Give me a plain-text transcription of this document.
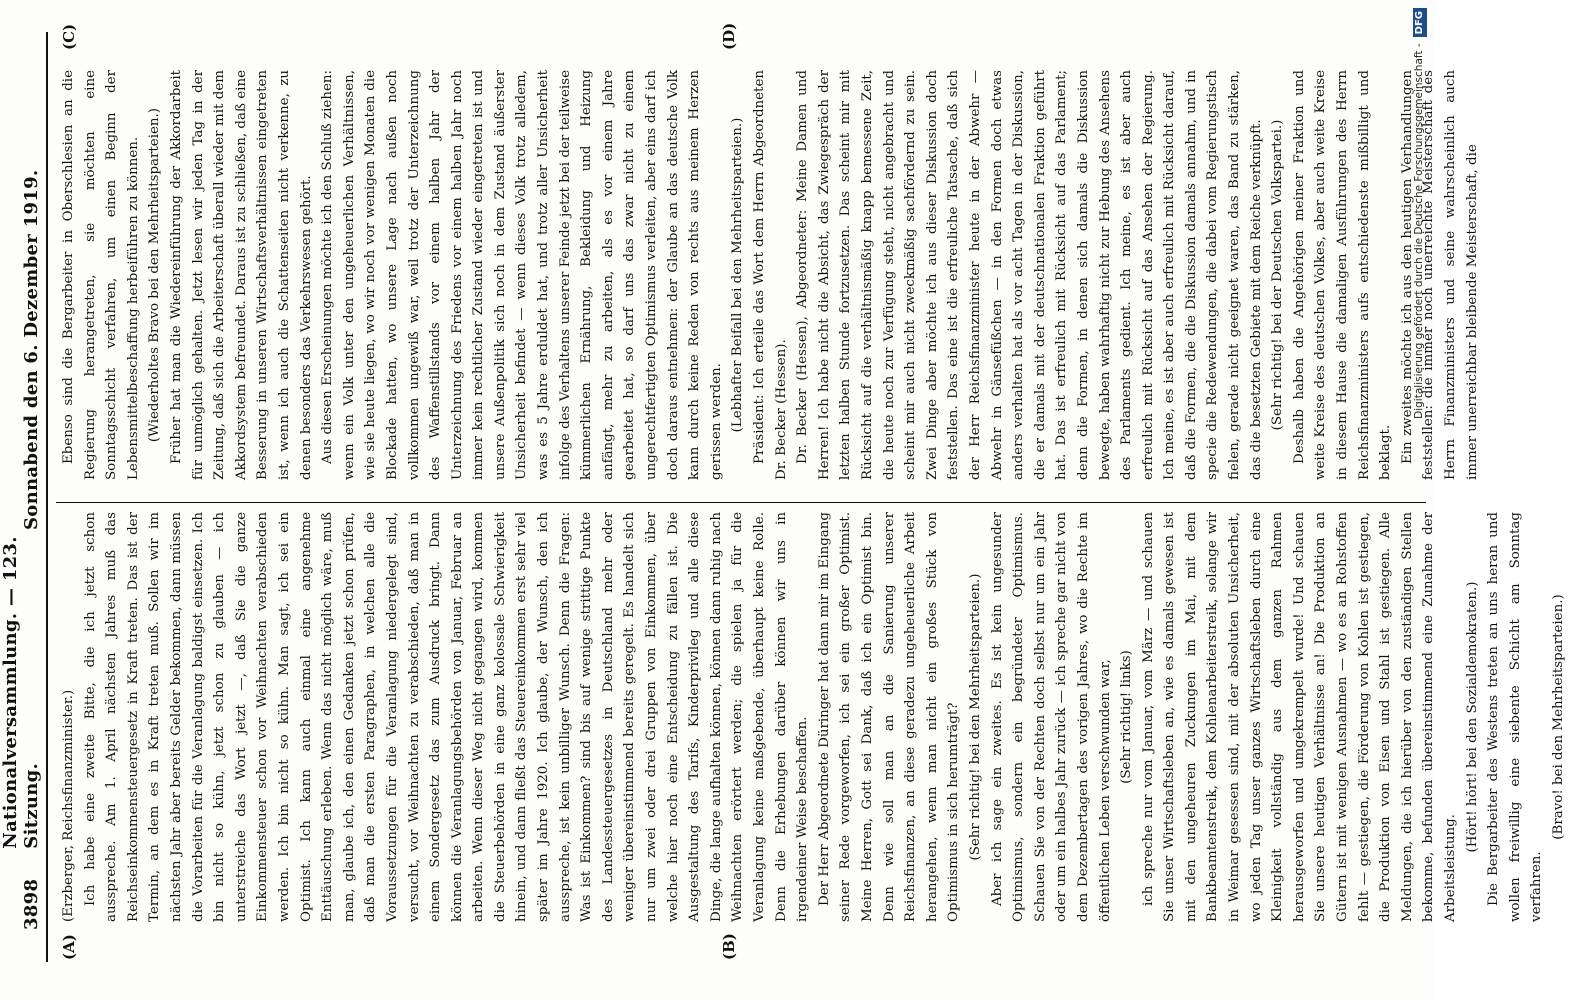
3898
Nationalversammlung. — 123. Sitzung.
Sonnabend den 6. Dezember 1919.
(A)	(B)
(C)	(D)

(Erzberger, Reichsfinanzminister.) Ich habe eine zweite Bitte, die ich jetzt schon ausspreche. Am 1. April nächsten Jahres muß das Reichseinkommensteuergesetz in Kraft treten. Das ist der Termin, an dem es in Kraft treten muß. Sollen wir im nächsten Jahr aber bereits Gelder bekommen, dann müssen die Vorarbeiten für die Veranlagung baldigst einsetzen. Ich bin nicht so kühn, jetzt schon zu glauben — ich unterstreiche das Wort jetzt —, daß Sie die ganze Einkommensteuer schon vor Weihnachten verabschieden werden. Ich bin nicht so kühn. Man sagt, ich sei ein Optimist. Ich kann auch einmal eine angenehme Enttäuschung erleben. Wenn das nicht möglich wäre, muß man, glaube ich, den einen Gedanken jetzt schon prüfen, daß man die ersten Paragraphen, in welchen alle die Voraussetzungen für die Veranlagung niedergelegt sind, versucht, vor Weihnachten zu verabschieden, daß man in einem Sondergesetz das zum Ausdruck bringt. Dann können die Veranlagungsbehörden von Januar, Februar an arbeiten. Wenn dieser Weg nicht gegangen wird, kommen die Steuerbehörden in eine ganz kolossale Schwierigkeit hinein, und dann fließt das Steuereinkommen erst sehr viel später im Jahre 1920. Ich glaube, der Wunsch, den ich ausspreche, ist kein unbilliger Wunsch. Denn die Fragen: Was ist Einkommen? sind bis auf wenige strittige Punkte des Landessteuergesetzes in Deutschland mehr oder weniger übereinstimmend bereits geregelt. Es handelt sich nur um zwei oder drei Gruppen von Einkommen, über welche hier noch eine Entscheidung zu fällen ist. Die Ausgestaltung des Tarifs, Kinderprivileg und alle diese Dinge, die lange aufhalten können, können dann ruhig nach Weihnachten erörtert werden; die spielen ja für die Veranlagung keine maßgebende, überhaupt keine Rolle. Denn die Erhebungen darüber können wir uns in irgendeiner Weise beschaffen. Der Herr Abgeordnete Düringer hat dann mir im Eingang seiner Rede vorgeworfen, ich sei ein großer Optimist. Meine Herren, Gott sei Dank, daß ich ein Optimist bin. Denn wie soll man an die Sanierung unserer Reichsfinanzen, an diese geradezu ungeheuerliche Arbeit herangehen, wenn man nicht ein großes Stück von Optimismus in sich herumträgt? (Sehr richtig! bei den Mehrheitsparteien.) Aber ich sage ein zweites. Es ist kein ungesunder Optimismus, sondern ein begründeter Optimismus. Schauen Sie von der Rechten doch selbst nur um ein Jahr oder um ein halbes Jahr zurück — ich spreche gar nicht von dem Dezembertagen des vorigen Jahres, wo die Rechte im öffentlichen Leben verschwunden war, (Sehr richtig! links) ich spreche nur vom Januar, vom März — und schauen Sie unser Wirtschaftsleben an, wie es damals gewesen ist mit den ungeheuren Zuckungen im Mai, mit dem Bankbeamtenstreik, dem Kohlenarbeiterstreik, solange wir in Weimar gesessen sind, mit der absoluten Unsicherheit, wo jeden Tag unser ganzes Wirtschaftsleben durch eine Kleinigkeit vollständig aus dem ganzen Rahmen herausgeworfen und umgekrempelt wurde! Und schauen Sie unsere heutigen Verhältnisse an! Die Produktion an Gütern ist mit wenigen Ausnahmen — wo es an Rohstoffen fehlt — gestiegen, die Förderung von Kohlen ist gestiegen, die Produktion von Eisen und Stahl ist gestiegen. Alle Meldungen, die ich hierüber von den zuständigen Stellen bekomme, befunden übereinstimmend eine Zunahme der Arbeitsleistung.

(Hört! hört! bei den Sozialdemokraten.) Die Bergarbeiter des Westens treten an uns heran und wollen freiwillig eine siebente Schicht am Sonntag verfahren.

(Bravo! bei den Mehrheitsparteien.)

Ebenso sind die Bergarbeiter in Oberschlesien an die Regierung herangetreten, sie möchten eine Sonntagsschicht verfahren, um einen Beginn der Lebensmittelbeschaffung herbeiführen zu können. (Wiederholtes Bravo bei den Mehrheitsparteien.) Früher hat man die Wiedereinführung der Akkordarbeit für unmöglich gehalten. Jetzt lesen wir jeden Tag in der Zeitung, daß sich die Arbeiterschaft überall wieder mit dem Akkordsystem befreundet. Daraus ist zu schließen, daß eine Besserung in unseren Wirtschaftsverhältnissen eingetreten ist, wenn ich auch die Schattenseiten nicht verkenne, zu denen besonders das Verkehrswesen gehört. Aus diesen Erscheinungen möchte ich den Schluß ziehen: wenn ein Volk unter den ungeheuerlichen Verhältnissen, wie sie heute liegen, wo wir noch vor wenigen Monaten die Blockade hatten, wo unsere Lage nach außen noch vollkommen ungewiß war, weil trotz der Unterzeichnung des Waffenstillstands vor einem halben Jahr der Unterzeichnung des Friedens vor einem halben Jahr noch immer kein rechtlicher Zustand wieder eingetreten ist und unsere Außenpolitik sich noch in dem Zustand äußerster Unsicherheit befindet — wenn dieses Volk trotz alledem, was es 5 Jahre erduldet hat, und trotz aller Unsicherheit infolge des Verhaltens unserer Feinde jetzt bei der teilweise kümmerlichen Ernährung, Bekleidung und Heizung anfängt, mehr zu arbeiten, als es vor einem Jahre gearbeitet hat, so darf uns das zwar nicht zu einem ungerechtfertigten Optimismus verleiten, aber eins darf ich doch daraus entnehmen: der Glaube an das deutsche Volk kann durch keine Reden von rechts aus meinem Herzen gerissen werden. (Lebhafter Beifall bei den Mehrheitsparteien.) Präsident: Ich erteile das Wort dem Herrn Abgeordneten Dr. Becker (Hessen). Dr. Becker (Hessen), Abgeordneter: Meine Damen und Herren! Ich habe nicht die Absicht, das Zwiegespräch der letzten halben Stunde fortzusetzen. Das scheint mir mit Rücksicht auf die verhältnismäßig knapp bemessene Zeit, die heute noch zur Verfügung steht, nicht angebracht und scheint mir auch nicht zweckmäßig sachfördernd zu sein. Zwei Dinge aber möchte ich aus dieser Diskussion doch feststellen. Das eine ist die erfreuliche Tatsache, daß sich der Herr Reichsfinanzminister heute in der Abwehr — Abwehr in Gänsefüßchen — in den Formen doch etwas anders verhalten hat als vor acht Tagen in der Diskussion, die er damals mit der deutschnationalen Fraktion geführt hat. Das ist erfreulich mit Rücksicht auf das Parlament; denn die Formen, in denen sich damals die Diskussion bewegte, haben wahrhaftig nicht zur Hebung des Ansehens des Parlaments gedient. Ich meine, es ist aber auch erfreulich mit Rücksicht auf das Ansehen der Regierung. Ich meine, es ist aber auch erfreulich mit Rücksicht darauf, daß die Formen, die die Diskussion damals annahm, und in specie die Redewendungen, die dabei vom Regierungstisch fielen, gerade nicht geeignet waren, das Band zu stärken, das die besetzten Gebiete mit dem Reiche verknüpft. (Sehr richtig! bei der Deutschen Volkspartei.) Deshalb haben die Angehörigen meiner Fraktion und weite Kreise des deutschen Volkes, aber auch weite Kreise in diesem Hause die damaligen Ausführungen des Herrn Reichsfinanzministers aufs entschiedenste mißbilligt und beklagt. Ein zweites möchte ich aus den heutigen Verhandlungen feststellen: die immer noch unerreichte Meisterschaft des Herrn Finanzministers und seine wahrscheinlich auch immer unerreichbar bleibende Meisterschaft, die

Digitalisierung gefördert durch die Deutsche Forschungsgemeinschaft -DFG
